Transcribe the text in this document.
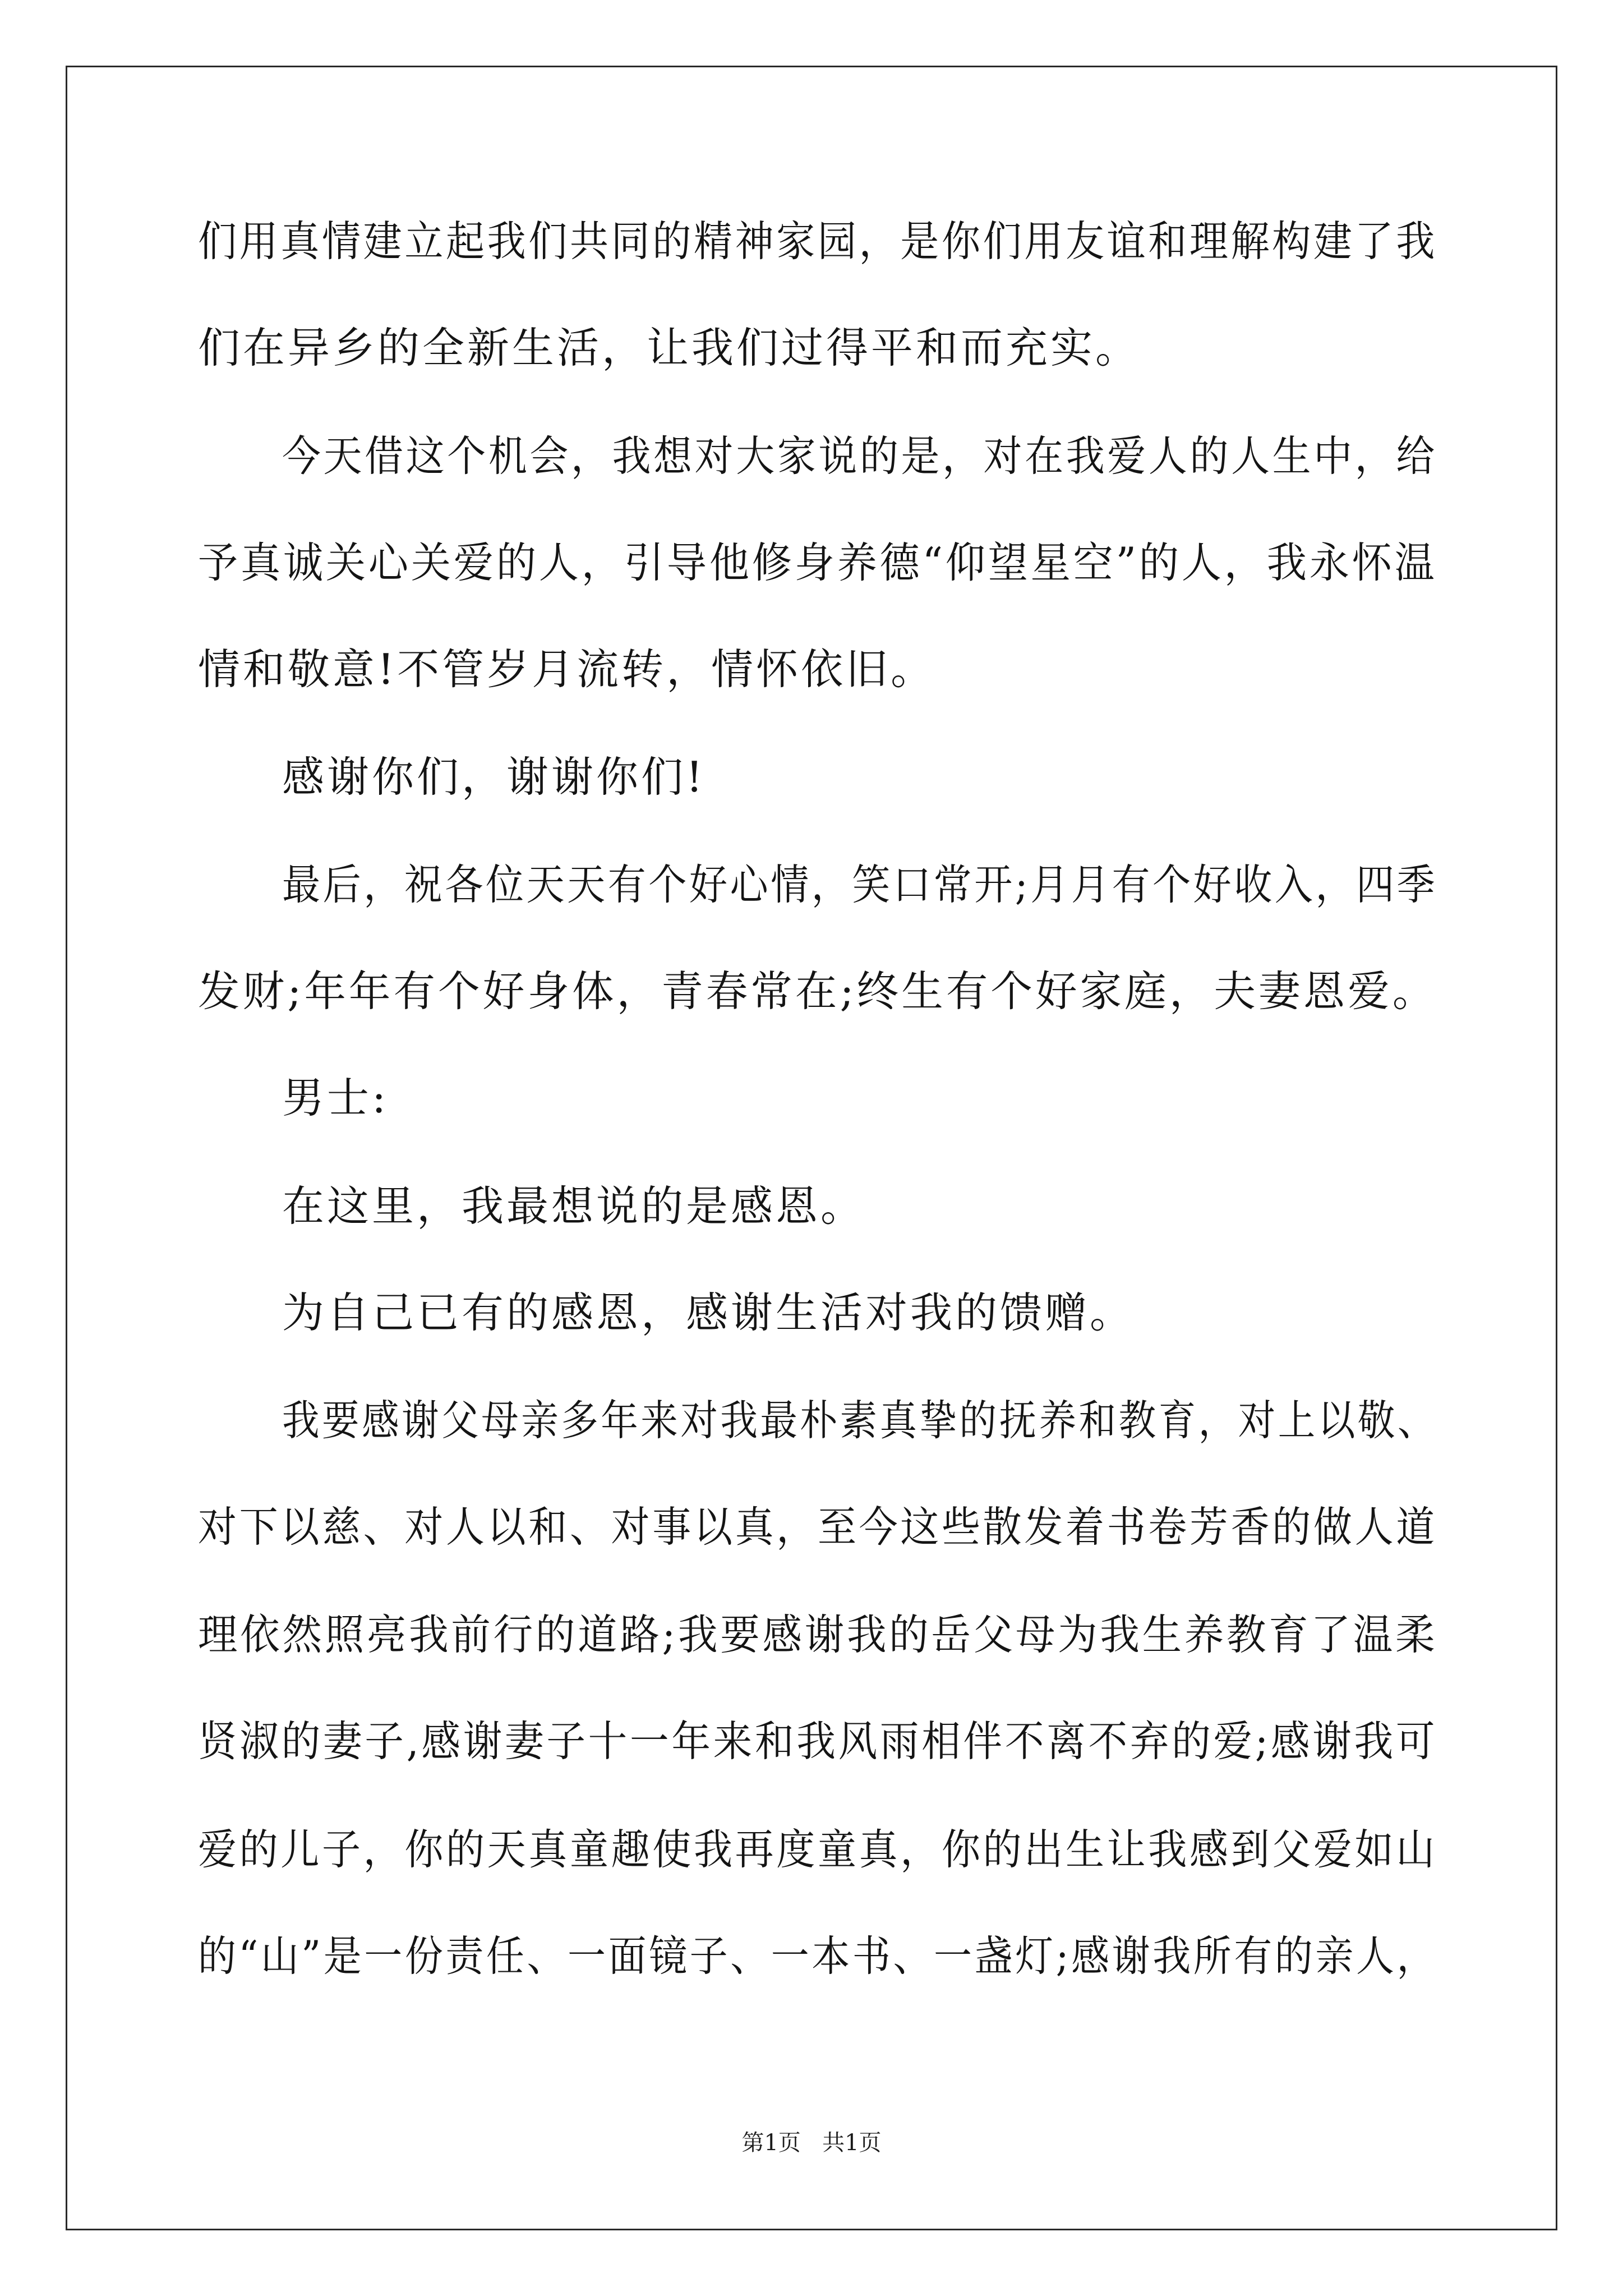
们用真情建立起我们共同的精神家园，是你们用友谊和理解构建了我
们在异乡的全新生活，让我们过得平和而充实。
今天借这个机会，我想对大家说的是，对在我爱人的人生中，给
予真诚关心关爱的人，引导他修身养德“仰望星空”的人，我永怀温
情和敬意!不管岁月流转，情怀依旧。
感谢你们，谢谢你们!
最后，祝各位天天有个好心情，笑口常开;月月有个好收入，四季
发财;年年有个好身体，青春常在;终生有个好家庭，夫妻恩爱。
男士:
在这里，我最想说的是感恩。
为自己已有的感恩，感谢生活对我的馈赠。
我要感谢父母亲多年来对我最朴素真挚的抚养和教育，对上以敬、
对下以慈、对人以和、对事以真，至今这些散发着书卷芳香的做人道
理依然照亮我前行的道路;我要感谢我的岳父母为我生养教育了温柔
贤淑的妻子,感谢妻子十一年来和我风雨相伴不离不弃的爱;感谢我可
爱的儿子，你的天真童趣使我再度童真，你的出生让我感到父爱如山
的“山”是一份责任、一面镜子、一本书、一盏灯;感谢我所有的亲人，
第1页 共1页
